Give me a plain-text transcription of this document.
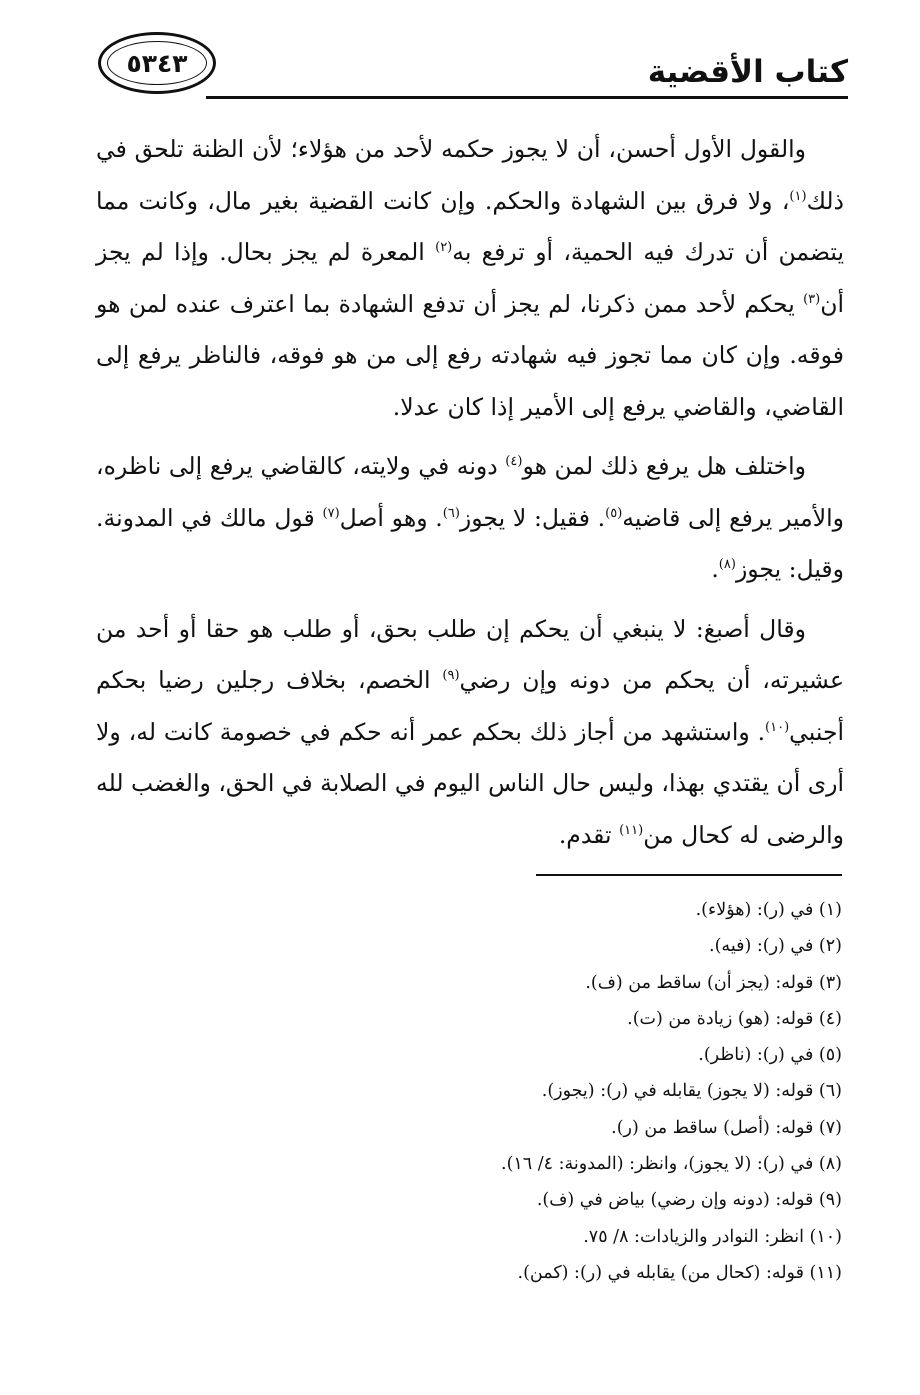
كتاب الأقضية
٥٣٤٣

والقول الأول أحسن، أن لا يجوز حكمه لأحد من هؤلاء؛ لأن الظنة تلحق في ذلك$^{(١)}$، ولا فرق بين الشهادة والحكم. وإن كانت القضية بغير مال، وكانت مما يتضمن أن تدرك فيه الحمية، أو ترفع به$^{(٢)}$ المعرة لم يجز بحال. وإذا لم يجز أن$^{(٣)}$ يحكم لأحد ممن ذكرنا، لم يجز أن تدفع الشهادة بما اعترف عنده لمن هو فوقه. وإن كان مما تجوز فيه شهادته رفع إلى من هو فوقه، فالناظر يرفع إلى القاضي، والقاضي يرفع إلى الأمير إذا كان عدلا.

واختلف هل يرفع ذلك لمن هو$^{(٤)}$ دونه في ولايته، كالقاضي يرفع إلى ناظره، والأمير يرفع إلى قاضيه$^{(٥)}$. فقيل: لا يجوز$^{(٦)}$. وهو أصل$^{(٧)}$ قول مالك في المدونة. وقيل: يجوز$^{(٨)}$.

وقال أصبغ: لا ينبغي أن يحكم إن طلب بحق، أو طلب هو حقا أو أحد من عشيرته، أن يحكم من دونه وإن رضي$^{(٩)}$ الخصم، بخلاف رجلين رضيا بحكم أجنبي$^{(١٠)}$. واستشهد من أجاز ذلك بحكم عمر أنه حكم في خصومة كانت له، ولا أرى أن يقتدي بهذا، وليس حال الناس اليوم في الصلابة في الحق، والغضب لله والرضى له كحال من$^{(١١)}$ تقدم.

(١) في (ر): (هؤلاء).
(٢) في (ر): (فيه).
(٣) قوله: (يجز أن) ساقط من (ف).
(٤) قوله: (هو) زيادة من (ت).
(٥) في (ر): (ناظر).
(٦) قوله: (لا يجوز) يقابله في (ر): (يجوز).
(٧) قوله: (أصل) ساقط من (ر).
(٨) في (ر): (لا يجوز)، وانظر: (المدونة: ٤/ ١٦).
(٩) قوله: (دونه وإن رضي) بياض في (ف).
(١٠) انظر: النوادر والزيادات: ٨/ ٧٥.
(١١) قوله: (كحال من) يقابله في (ر): (كمن).
